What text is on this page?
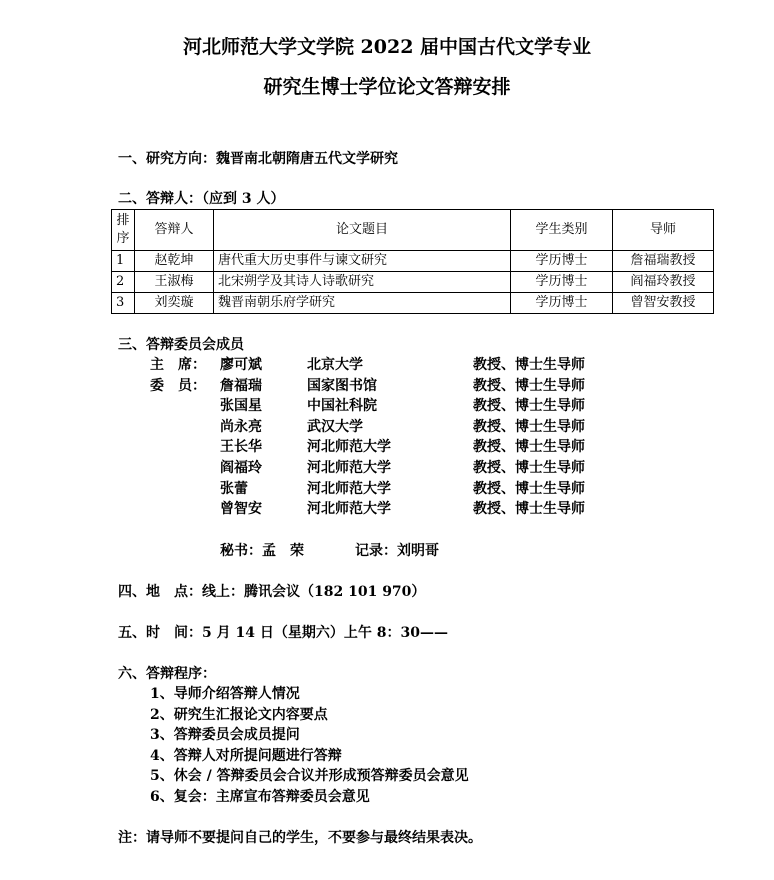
河北师范大学文学院 2022 届中国古代文学专业
研究生博士学位论文答辩安排
一、研究方向：魏晋南北朝隋唐五代文学研究
二、答辩人：（应到 3 人）
排序	答辩人	论文题目	学生类别	导师
1	赵乾坤	唐代重大历史事件与谏文研究	学历博士	詹福瑞教授
2	王淑梅	北宋朔学及其诗人诗歌研究	学历博士	阎福玲教授
3	刘奕璇	魏晋南朝乐府学研究	学历博士	曾智安教授
三、答辩委员会成员
主　席： 廖可斌	北京大学	教授、博士生导师
委　员： 詹福瑞	国家图书馆	教授、博士生导师
张国星	中国社科院	教授、博士生导师
尚永亮	武汉大学	教授、博士生导师
王长华	河北师范大学	教授、博士生导师
阎福玲	河北师范大学	教授、博士生导师
张蕾	河北师范大学	教授、博士生导师
曾智安	河北师范大学	教授、博士生导师
秘书：孟　荣	记录：刘明哥
四、地　点：线上：腾讯会议（182 101 970）
五、时　间：5 月 14 日（星期六）上午 8：30——
六、答辩程序：
1、导师介绍答辩人情况
2、研究生汇报论文内容要点
3、答辩委员会成员提问
4、答辩人对所提问题进行答辩
5、休会 / 答辩委员会合议并形成预答辩委员会意见
6、复会：主席宣布答辩委员会意见
注：请导师不要提问自己的学生，不要参与最终结果表决。
